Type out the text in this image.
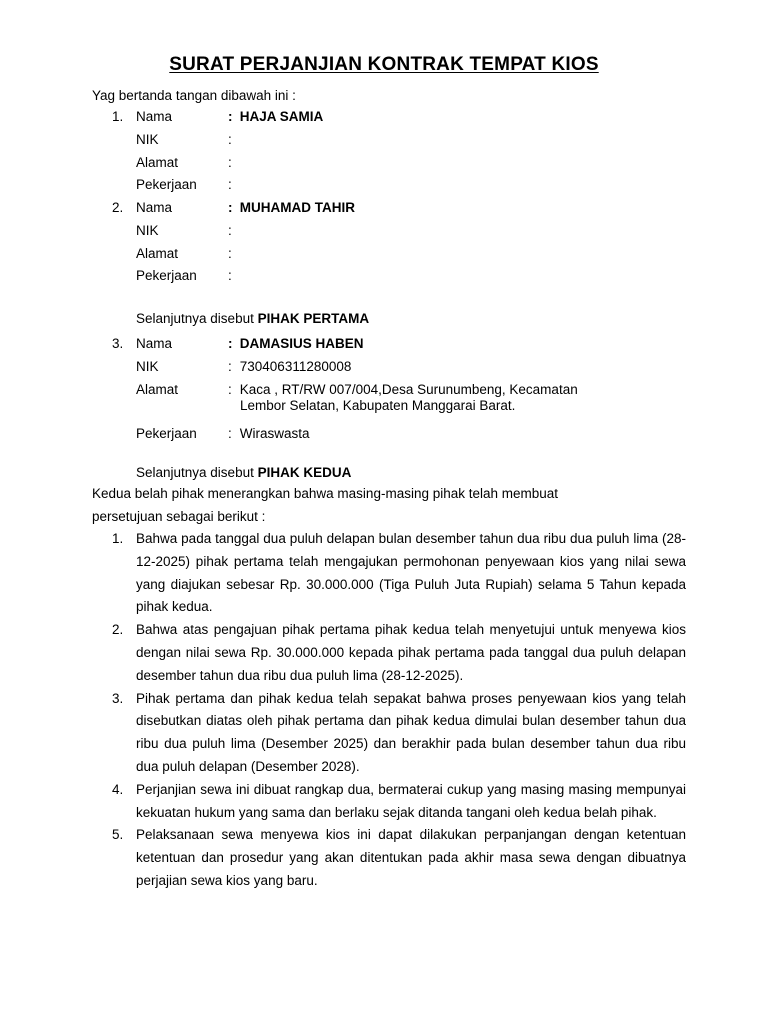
SURAT PERJANJIAN KONTRAK TEMPAT KIOS
Yag bertanda tangan dibawah ini :
1. Nama	: HAJA SAMIA
NIK	:
Alamat	:
Pekerjaan	:
2. Nama	: MUHAMAD TAHIR
NIK	:
Alamat	:
Pekerjaan	:
Selanjutnya disebut PIHAK PERTAMA
3. Nama	: DAMASIUS HABEN
NIK	: 730406311280008
Alamat	: Kaca , RT/RW 007/004,Desa Surunumbeng, Kecamatan
Lembor Selatan, Kabupaten Manggarai Barat.
Pekerjaan	: Wiraswasta
Selanjutnya disebut PIHAK KEDUA
Kedua belah pihak menerangkan bahwa masing-masing pihak telah membuat
persetujuan sebagai berikut :
1. Bahwa pada tanggal dua puluh delapan bulan desember tahun dua ribu dua puluh lima (28-12-2025) pihak pertama telah mengajukan permohonan penyewaan kios yang nilai sewa yang diajukan sebesar Rp. 30.000.000 (Tiga Puluh Juta Rupiah) selama 5 Tahun kepada pihak kedua.
2. Bahwa atas pengajuan pihak pertama pihak kedua telah menyetujui untuk menyewa kios dengan nilai sewa Rp. 30.000.000 kepada pihak pertama pada tanggal dua puluh delapan desember tahun dua ribu dua puluh lima (28-12-2025).
3. Pihak pertama dan pihak kedua telah sepakat bahwa proses penyewaan kios yang telah disebutkan diatas oleh pihak pertama dan pihak kedua dimulai bulan desember tahun dua ribu dua puluh lima (Desember 2025) dan berakhir pada bulan desember tahun dua ribu dua puluh delapan (Desember 2028).
4. Perjanjian sewa ini dibuat rangkap dua, bermaterai cukup yang masing masing mempunyai kekuatan hukum yang sama dan berlaku sejak ditanda tangani oleh kedua belah pihak.
5. Pelaksanaan sewa menyewa kios ini dapat dilakukan perpanjangan dengan ketentuan ketentuan dan prosedur yang akan ditentukan pada akhir masa sewa dengan dibuatnya perjajian sewa kios yang baru.
